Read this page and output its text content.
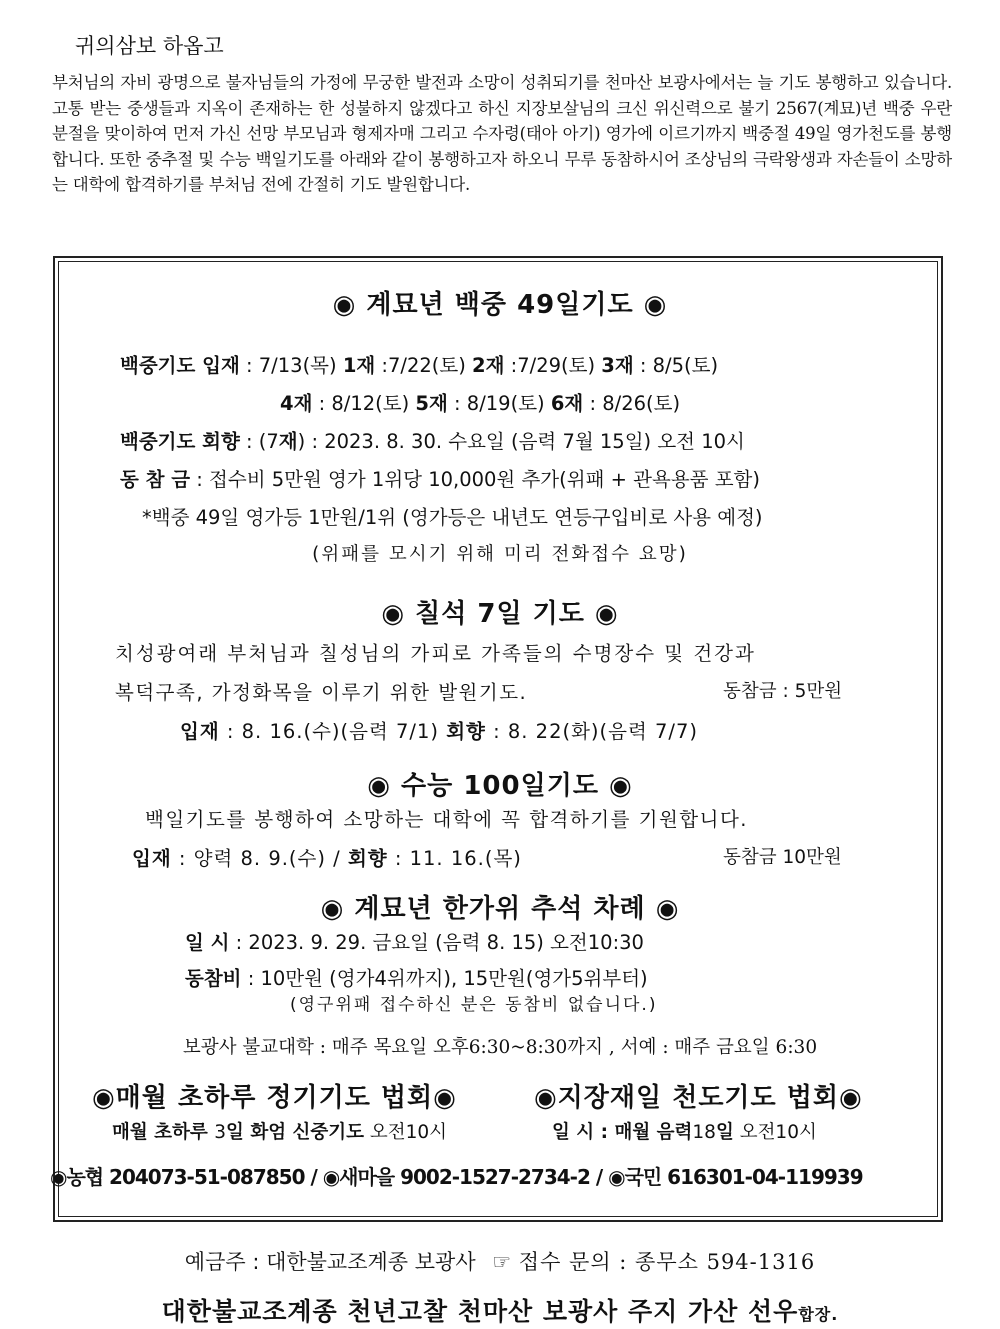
귀의삼보 하옵고
부처님의 자비 광명으로 불자님들의 가정에 무궁한 발전과 소망이 성취되기를 천마산 보광사에서는 늘 기도 봉행하고 있습니다. 고통 받는 중생들과 지옥이 존재하는 한 성불하지 않겠다고 하신 지장보살님의 크신 위신력으로 불기 2567(계묘)년 백중 우란분절을 맞이하여 먼저 가신 선망 부모님과 형제자매 그리고 수자령(태아 아기) 영가에 이르기까지 백중절 49일 영가천도를 봉행합니다. 또한 중추절 및 수능 백일기도를 아래와 같이 봉행하고자 하오니 무루 동참하시어 조상님의 극락왕생과 자손들이 소망하는 대학에 합격하기를 부처님 전에 간절히 기도 발원합니다.
◉ 계묘년 백중 49일기도 ◉
백중기도 입재 : 7/13(목) 1재 :7/22(토) 2재 :7/29(토) 3재 : 8/5(토)
4재 : 8/12(토) 5재 : 8/19(토) 6재 : 8/26(토)
백중기도 회향 : (7재) : 2023. 8. 30. 수요일 (음력 7월 15일) 오전 10시
동 참 금 : 접수비 5만원 영가 1위당 10,000원 추가(위패 + 관욕용품 포함)
*백중 49일 영가등 1만원/1위 (영가등은 내년도 연등구입비로 사용 예정)
(위패를 모시기 위해 미리 전화접수 요망)
◉ 칠석 7일 기도 ◉
치성광여래 부처님과 칠성님의 가피로 가족들의 수명장수 및 건강과
복덕구족, 가정화목을 이루기 위한 발원기도.	동참금 : 5만원
입재 : 8. 16.(수)(음력 7/1) 회향 : 8. 22(화)(음력 7/7)
◉ 수능 100일기도 ◉
백일기도를 봉행하여 소망하는 대학에 꼭 합격하기를 기원합니다.
입재 : 양력 8. 9.(수) / 회향 : 11. 16.(목)	동참금 10만원
◉ 계묘년 한가위 추석 차례 ◉
일 시 : 2023. 9. 29. 금요일 (음력 8. 15) 오전10:30
동참비 : 10만원 (영가4위까지), 15만원(영가5위부터)
(영구위패 접수하신 분은 동참비 없습니다.)
보광사 불교대학 : 매주 목요일 오후6:30~8:30까지 , 서예 : 매주 금요일 6:30
◉매월 초하루 정기기도 법회◉	◉지장재일 천도기도 법회◉
매월 초하루 3일 화엄 신중기도 오전10시	일 시 : 매월 음력18일 오전10시
◉농협 204073-51-087850 / ◉새마을 9002-1527-2734-2 / ◉국민 616301-04-119939
예금주 : 대한불교조계종 보광사 ☞ 접수 문의 : 종무소 594-1316
대한불교조계종 천년고찰 천마산 보광사 주지 가산 선우합장.
